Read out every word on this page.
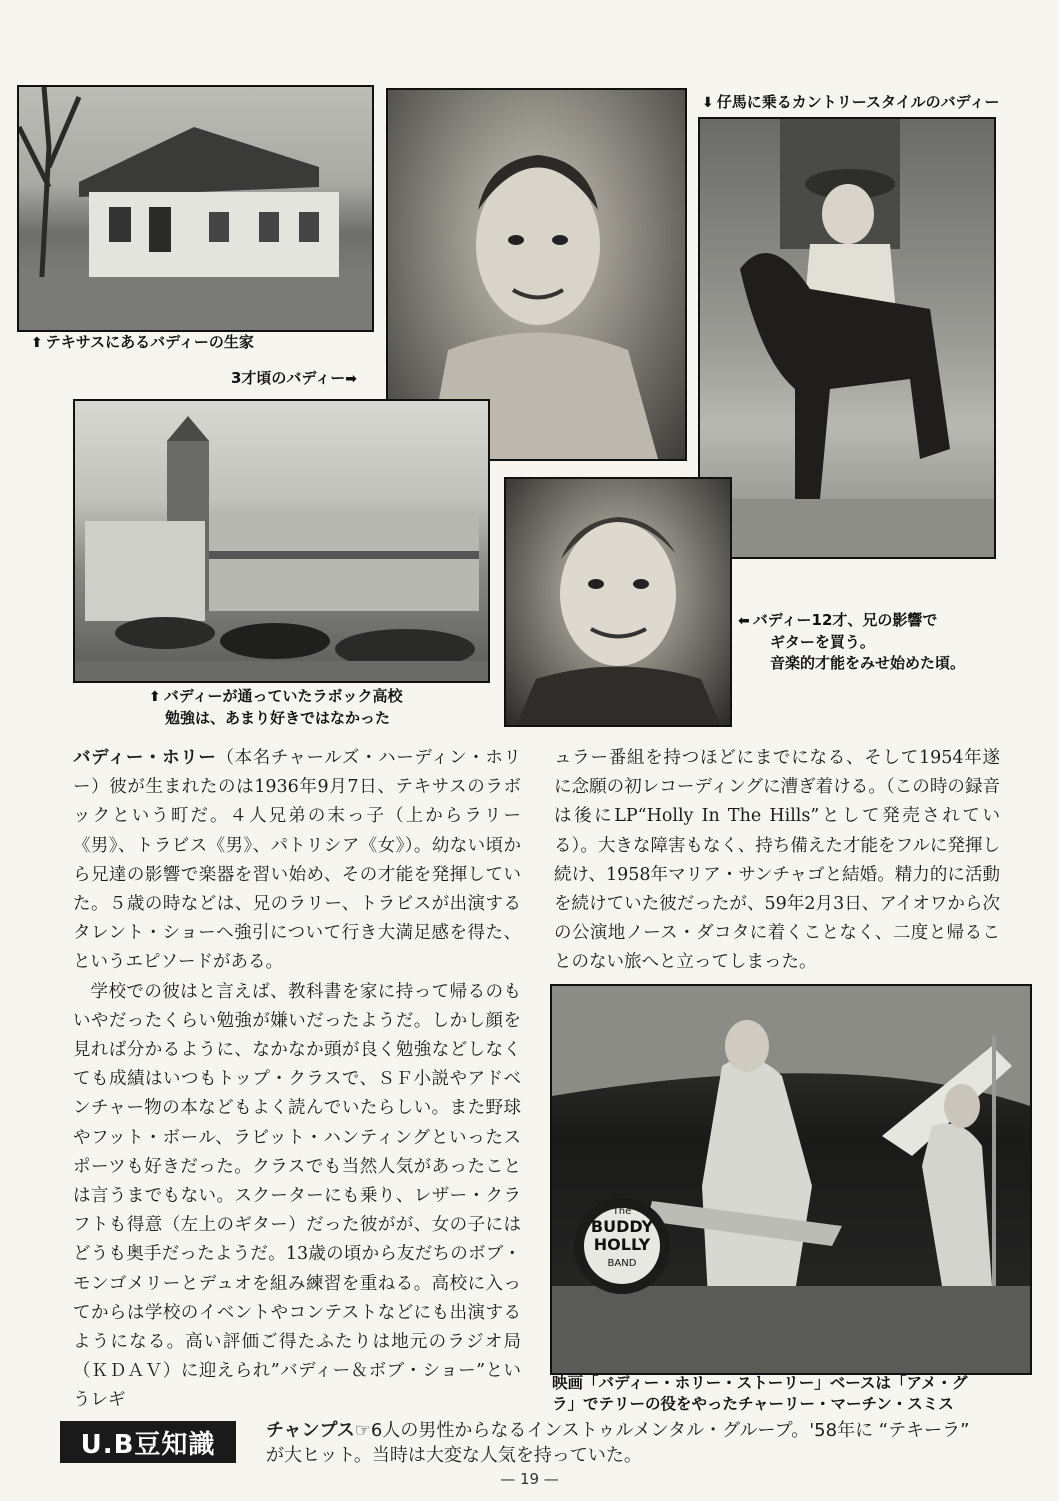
⬆ テキサスにあるバディーの生家
3才頃のバディー➡
⬇ 仔馬に乗るカントリースタイルのバディー
⬆ バディーが通っていたラボック高校
勉強は、あまり好きではなかった
⬅ バディー12才、兄の影響で
ギターを買う。
音楽的才能をみせ始めた頃。

バディー・ホリー（本名チャールズ・ハーディン・ホリー）彼が生まれたのは1936年9月7日、テキサスのラボックという町だ。４人兄弟の末っ子（上からラリー《男》、トラビス《男》、パトリシア《女》）。幼ない頃から兄達の影響で楽器を習い始め、その才能を発揮していた。５歳の時などは、兄のラリー、トラビスが出演するタレント・ショーへ強引について行き大満足感を得た、というエピソードがある。

学校での彼はと言えば、教科書を家に持って帰るのもいやだったくらい勉強が嫌いだったようだ。しかし顔を見れば分かるように、なかなか頭が良く勉強などしなくても成績はいつもトップ・クラスで、ＳＦ小説やアドベンチャー物の本などもよく読んでいたらしい。また野球やフット・ボール、ラビット・ハンティングといったスポーツも好きだった。クラスでも当然人気があったことは言うまでもない。スクーターにも乗り、レザー・クラフトも得意（左上のギター）だった彼がが、女の子にはどうも奥手だったようだ。13歳の頃から友だちのボブ・モンゴメリーとデュオを組み練習を重ねる。高校に入ってからは学校のイベントやコンテストなどにも出演するようになる。高い評価ご得たふたりは地元のラジオ局（ＫＤＡＶ）に迎えられ”バディー＆ボブ・ショー”というレギ

ュラー番組を持つほどにまでになる、そして1954年遂に念願の初レコーディングに漕ぎ着ける。（この時の録音は後にLP“Holly In The Hills”として発売されている）。大きな障害もなく、持ち備えた才能をフルに発揮し続け、1958年マリア・サンチャゴと結婚。精力的に活動を続けていた彼だったが、59年2月3日、アイオワから次の公演地ノース・ダコタに着くことなく、二度と帰ることのない旅へと立ってしまった。

The
BUDDY
HOLLY
BAND
映画「バディー・ホリー・ストーリー」ベースは「アメ・グ
ラ」でテリーの役をやったチャーリー・マーチン・スミス
U.B豆知識	チャンプス☞6人の男性からなるインストゥルメンタル・グループ。'58年に “テキーラ”
が大ヒット。当時は大変な人気を持っていた。
— 19 —
